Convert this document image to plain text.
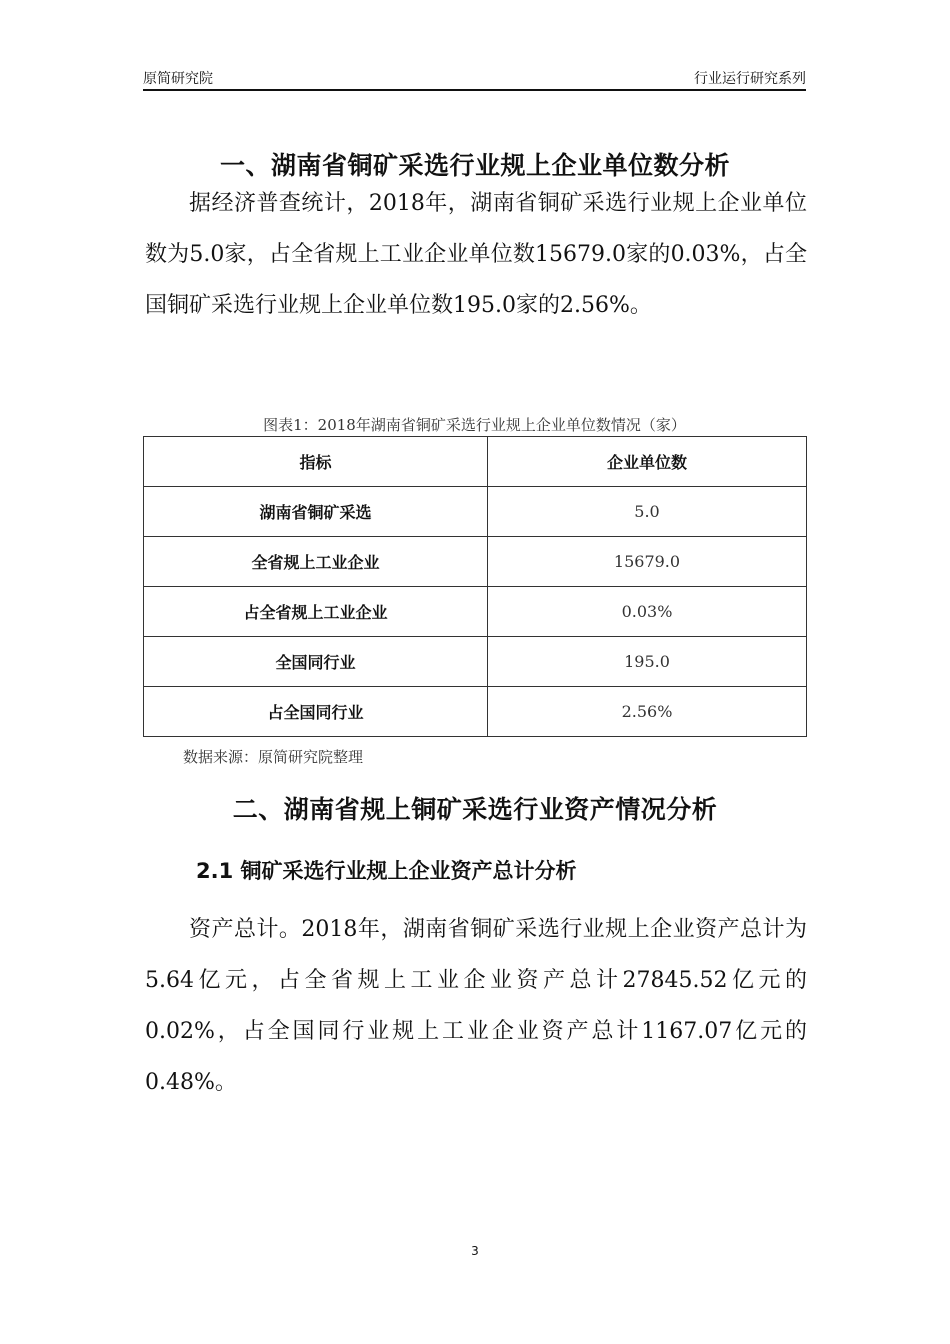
原简研究院	行业运行研究系列
一、湖南省铜矿采选行业规上企业单位数分析

据经济普查统计，2018年，湖南省铜矿采选行业规上企业单位数为5.0家，占全省规上工业企业单位数15679.0家的0.03%，占全国铜矿采选行业规上企业单位数195.0家的2.56%。

图表1：2018年湖南省铜矿采选行业规上企业单位数情况（家）
指标	企业单位数
湖南省铜矿采选	5.0
全省规上工业企业	15679.0
占全省规上工业企业	0.03%
全国同行业	195.0
占全国同行业	2.56%
数据来源：原简研究院整理
二、湖南省规上铜矿采选行业资产情况分析
2.1 铜矿采选行业规上企业资产总计分析

资产总计。2018年，湖南省铜矿采选行业规上企业资产总计为5.64亿元，占全省规上工业企业资产总计27845.52亿元的0.02%，占全国同行业规上工业企业资产总计1167.07亿元的0.48%。

3
